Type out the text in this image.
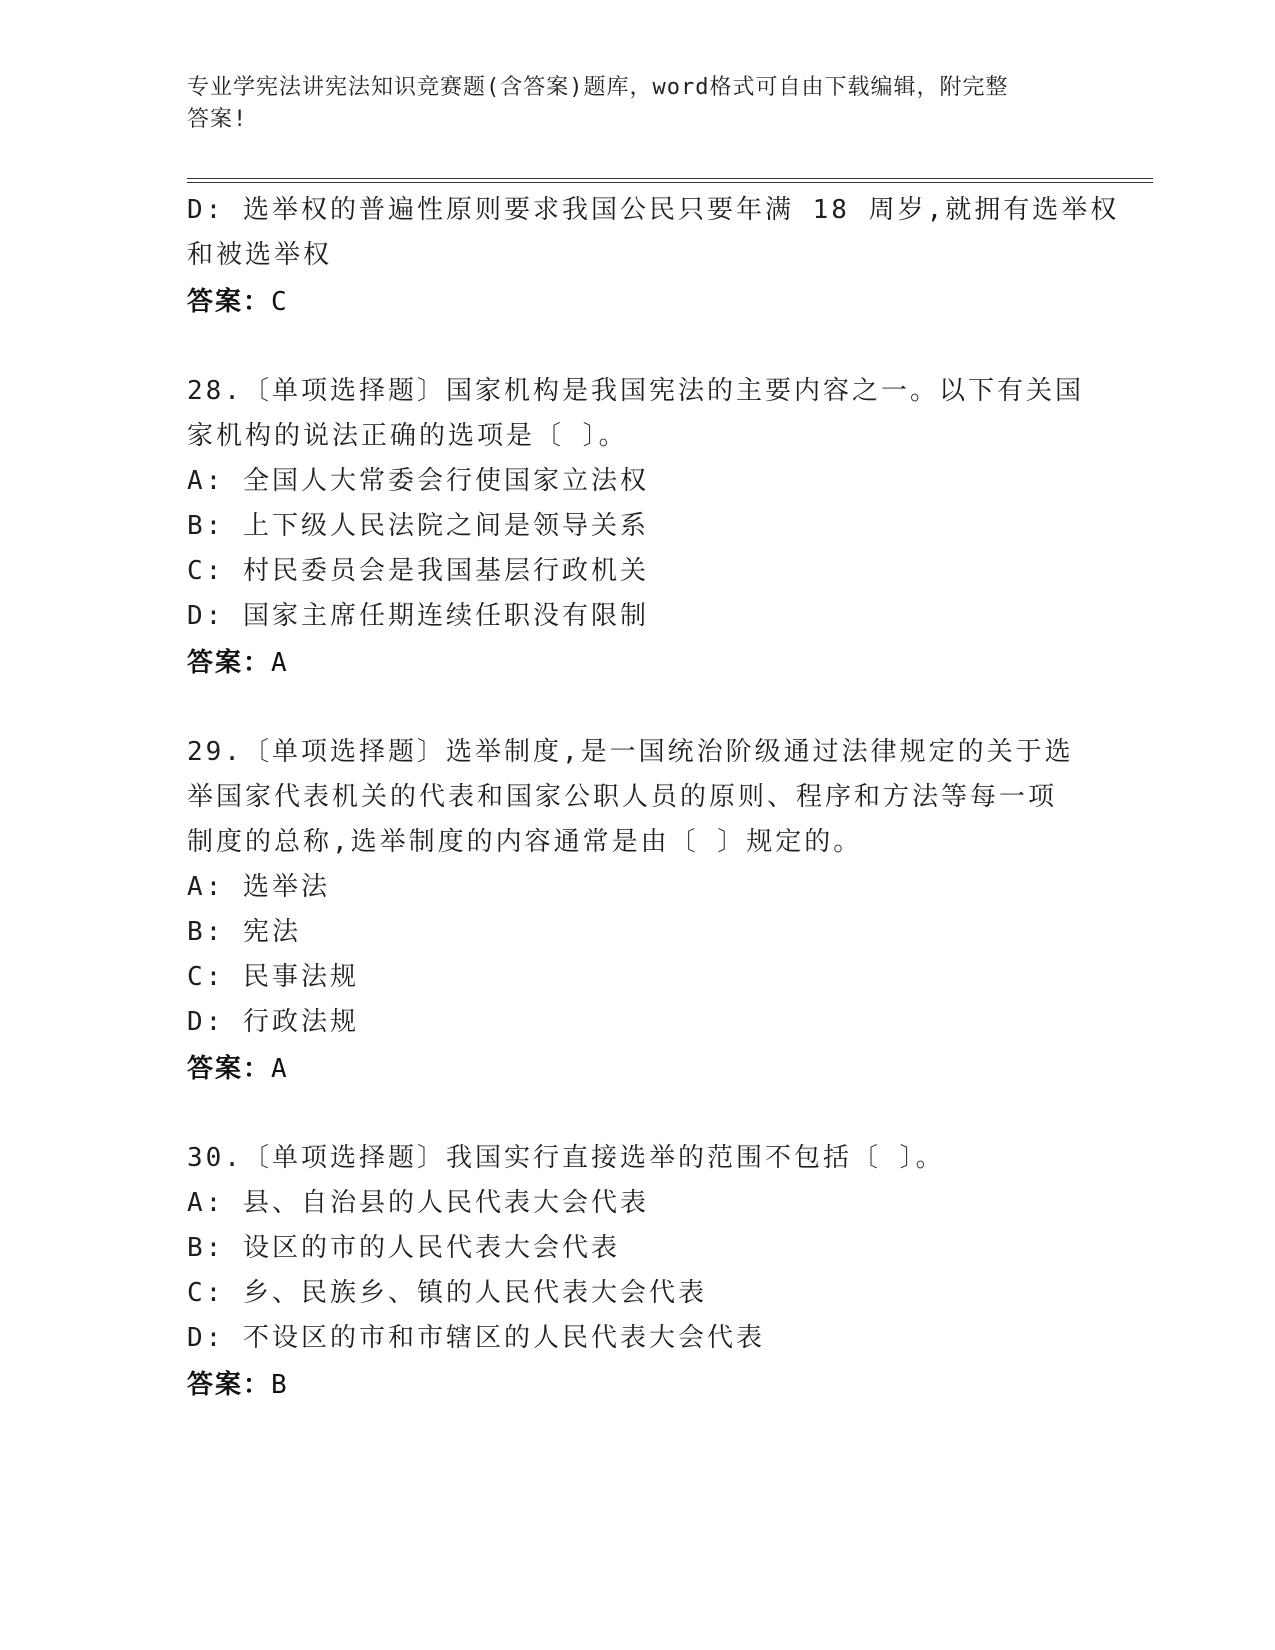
专业学宪法讲宪法知识竞赛题(含答案)题库，word格式可自由下载编辑，附完整
答案!
D: 选举权的普遍性原则要求我国公民只要年满 18 周岁,就拥有选举权
和被选举权
答案：C
28.〔单项选择题〕国家机构是我国宪法的主要内容之一。以下有关国
家机构的说法正确的选项是〔 〕。
A: 全国人大常委会行使国家立法权
B: 上下级人民法院之间是领导关系
C: 村民委员会是我国基层行政机关
D: 国家主席任期连续任职没有限制
答案：A
29.〔单项选择题〕选举制度,是一国统治阶级通过法律规定的关于选
举国家代表机关的代表和国家公职人员的原则、程序和方法等每一项
制度的总称,选举制度的内容通常是由〔 〕规定的。
A: 选举法
B: 宪法
C: 民事法规
D: 行政法规
答案：A
30.〔单项选择题〕我国实行直接选举的范围不包括〔 〕。
A: 县、自治县的人民代表大会代表
B: 设区的市的人民代表大会代表
C: 乡、民族乡、镇的人民代表大会代表
D: 不设区的市和市辖区的人民代表大会代表
答案：B
